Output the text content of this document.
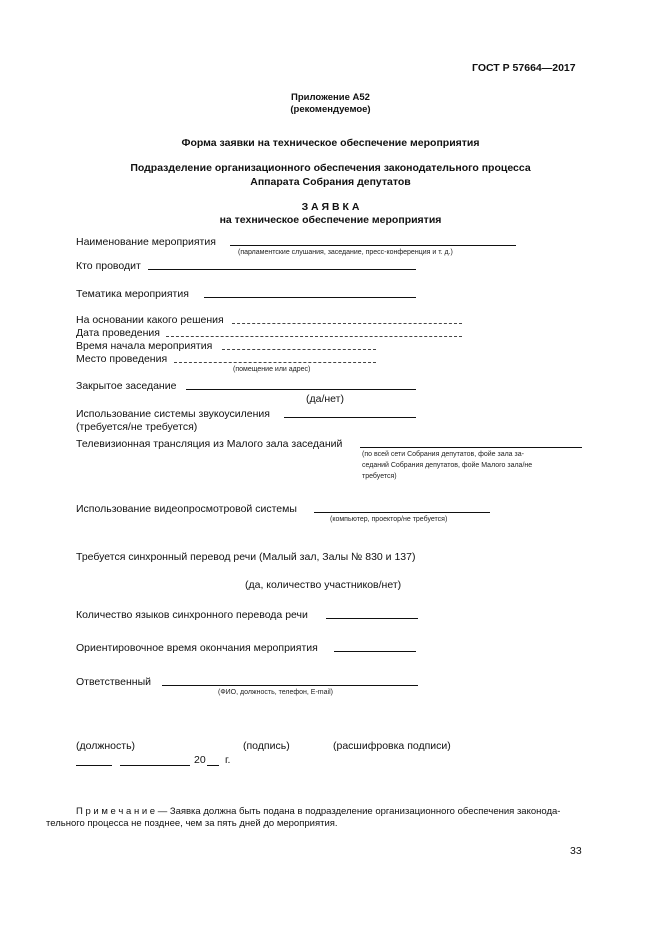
ГОСТ Р 57664—2017
Приложение А52
(рекомендуемое)
Форма заявки на техническое обеспечение мероприятия
Подразделение организационного обеспечения законодательного процесса
Аппарата Собрания депутатов
З А Я В К А
на техническое обеспечение мероприятия
Наименование мероприятия
(парламентские слушания, заседание, пресс-конференция и т. д.)
Кто проводит
Тематика мероприятия
На основании какого решения
Дата проведения
Время начала мероприятия
Место проведения
(помещение или адрес)
Закрытое заседание
(да/нет)
Использование системы звукоусиления
(требуется/не требуется)
Телевизионная трансляция из Малого зала заседаний
(по всей сети Собрания депутатов, фойе зала за-
седаний Собрания депутатов, фойе Малого зала/не
требуется)
Использование видеопросмотровой системы
(компьютер, проектор/не требуется)
Требуется синхронный перевод речи (Малый зал, Залы № 830 и 137)
(да, количество участников/нет)
Количество языков синхронного перевода речи
Ориентировочное время окончания мероприятия
Ответственный
(ФИО, должность, телефон, E-mail)
(должность)	(подпись)	(расшифровка подписи)
20 г.
П р и м е ч а н и е — Заявка должна быть подана в подразделение организационного обеспечения законода-
тельного процесса не позднее, чем за пять дней до мероприятия.
33
